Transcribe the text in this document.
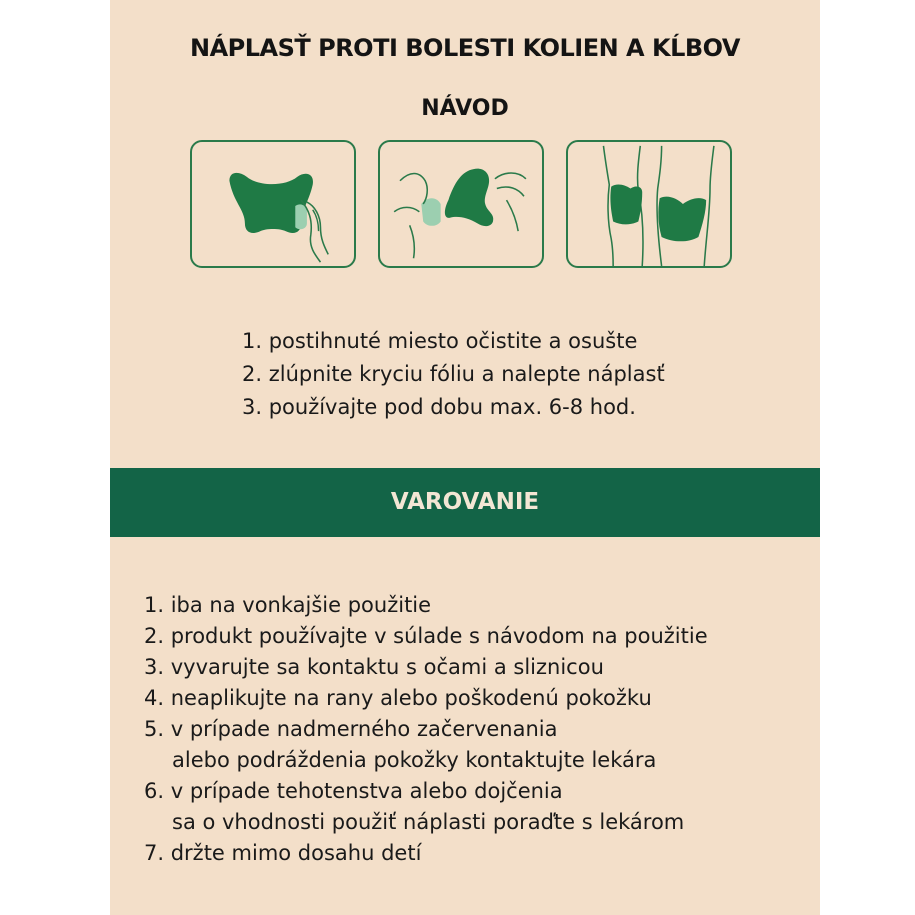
NÁPLASŤ PROTI BOLESTI KOLIEN A KĹBOV
NÁVOD
1. postihnuté miesto očistite a osušte
2. zlúpnite kryciu fóliu a nalepte náplasť
3. používajte pod dobu max. 6-8 hod.
VAROVANIE
1. iba na vonkajšie použitie
2. produkt používajte v súlade s návodom na použitie
3. vyvarujte sa kontaktu s očami a sliznicou
4. neaplikujte na rany alebo poškodenú pokožku
5. v prípade nadmerného začervenania
alebo podráždenia pokožky kontaktujte lekára
6. v prípade tehotenstva alebo dojčenia
sa o vhodnosti použiť náplasti poraďte s lekárom
7. držte mimo dosahu detí
